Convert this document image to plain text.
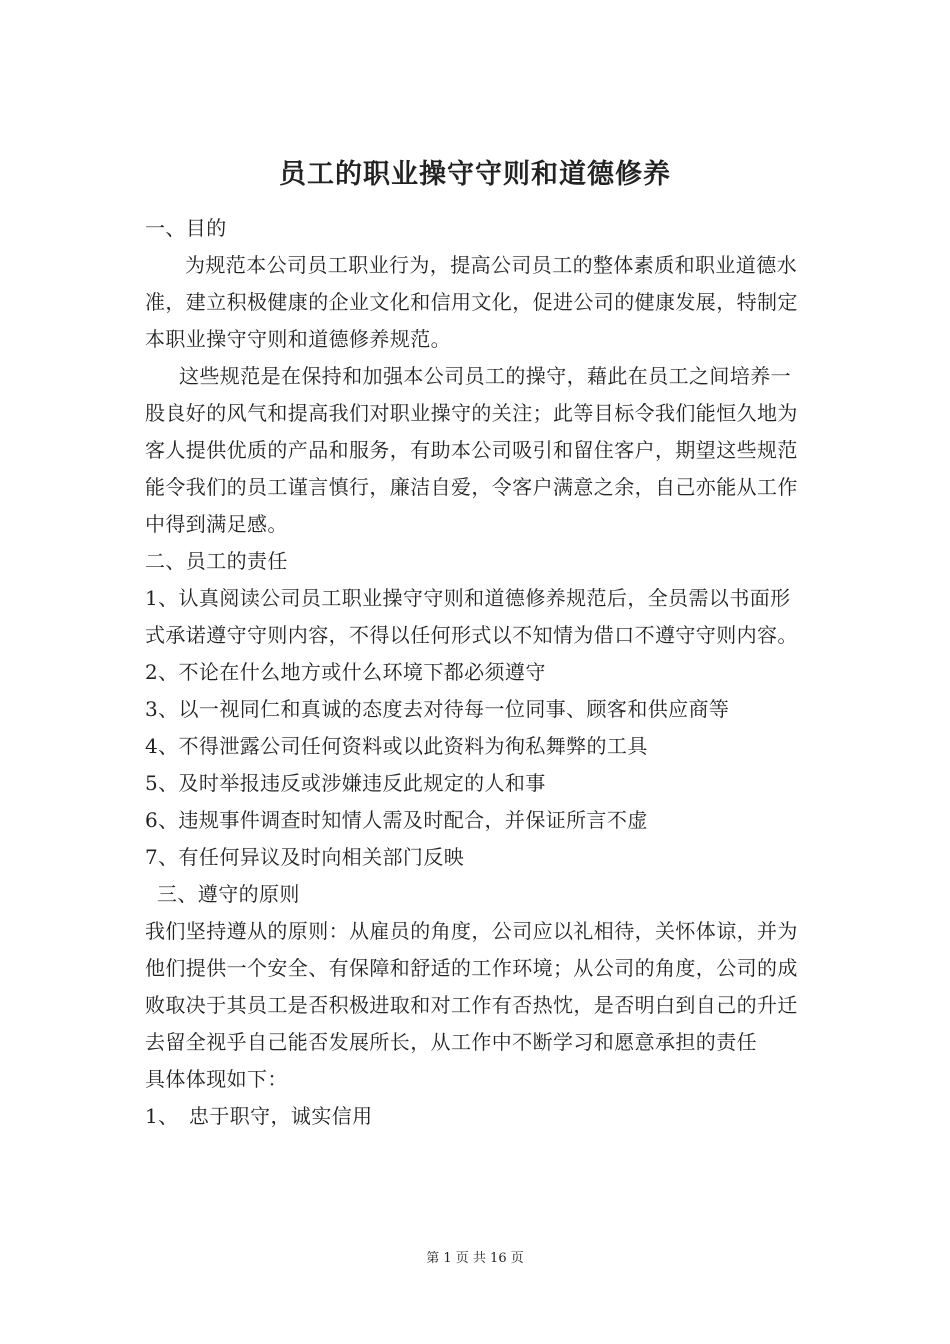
员工的职业操守守则和道德修养

一、目的

为规范本公司员工职业行为，提高公司员工的整体素质和职业道德水准，建立积极健康的企业文化和信用文化，促进公司的健康发展，特制定本职业操守守则和道德修养规范。

这些规范是在保持和加强本公司员工的操守，藉此在员工之间培养一股良好的风气和提高我们对职业操守的关注；此等目标令我们能恒久地为客人提供优质的产品和服务，有助本公司吸引和留住客户，期望这些规范能令我们的员工谨言慎行，廉洁自爱，令客户满意之余，自己亦能从工作中得到满足感。

二、员工的责任

1、认真阅读公司员工职业操守守则和道德修养规范后，全员需以书面形式承诺遵守守则内容，不得以任何形式以不知情为借口不遵守守则内容。

2、不论在什么地方或什么环境下都必须遵守

3、以一视同仁和真诚的态度去对待每一位同事、顾客和供应商等

4、不得泄露公司任何资料或以此资料为徇私舞弊的工具

5、及时举报违反或涉嫌违反此规定的人和事

6、违规事件调查时知情人需及时配合，并保证所言不虚

7、有任何异议及时向相关部门反映

三、遵守的原则

我们坚持遵从的原则：从雇员的角度，公司应以礼相待，关怀体谅，并为他们提供一个安全、有保障和舒适的工作环境；从公司的角度，公司的成败取决于其员工是否积极进取和对工作有否热忱，是否明白到自己的升迁去留全视乎自己能否发展所长，从工作中不断学习和愿意承担的责任

具体体现如下：

1、　忠于职守，诚实信用

第 1 页 共 16 页
